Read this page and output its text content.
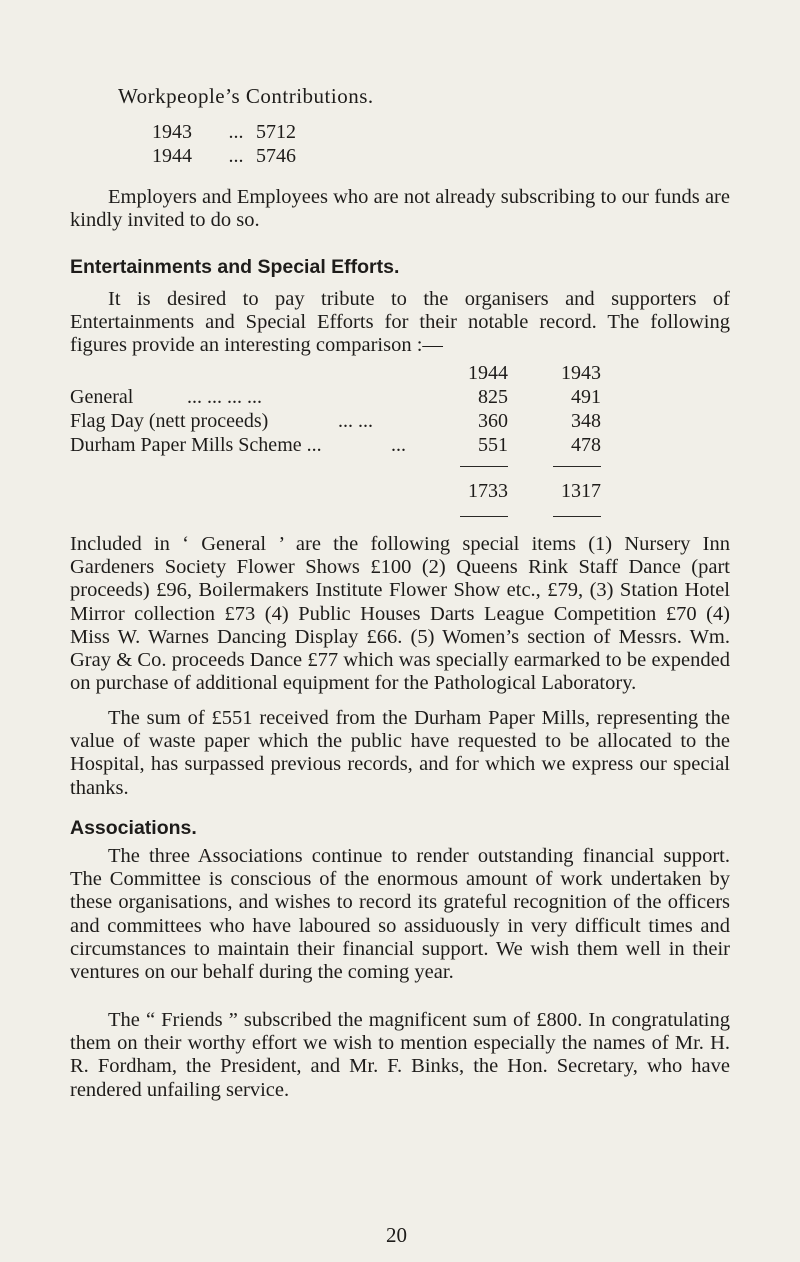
Workpeople’s Contributions.
1943 ... 5712
1944 ... 5746
Employers and Employees who are not already subscribing to our funds are kindly invited to do so.
Entertainments and Special Efforts.
It is desired to pay tribute to the organisers and supporters of Entertainments and Special Efforts for their notable record. The following figures provide an interesting comparison :—
1944	1943
General	... ... ... ...	825	491
Flag Day (nett proceeds)	... ...	360	348
Durham Paper Mills Scheme ...	...	551	478
1733	1317
Included in ‘ General ’ are the following special items (1) Nursery Inn Gardeners Society Flower Shows £100 (2) Queens Rink Staff Dance (part proceeds) £96, Boilermakers Institute Flower Show etc., £79, (3) Station Hotel Mirror collection £73 (4) Public Houses Darts League Competition £70 (4) Miss W. Warnes Dancing Display £66. (5) Women’s section of Messrs. Wm. Gray & Co. proceeds Dance £77 which was specially earmarked to be expended on purchase of additional equipment for the Pathological Laboratory.
The sum of £551 received from the Durham Paper Mills, representing the value of waste paper which the public have requested to be allocated to the Hospital, has surpassed previous records, and for which we express our special thanks.
Associations.
The three Associations continue to render outstanding financial support. The Committee is conscious of the enormous amount of work undertaken by these organisations, and wishes to record its grateful recognition of the officers and committees who have laboured so assiduously in very difficult times and circumstances to maintain their financial support. We wish them well in their ventures on our behalf during the coming year.
The “ Friends ” subscribed the magnificent sum of £800. In congratulating them on their worthy effort we wish to mention especially the names of Mr. H. R. Fordham, the President, and Mr. F. Binks, the Hon. Secretary, who have rendered unfailing service.
20
